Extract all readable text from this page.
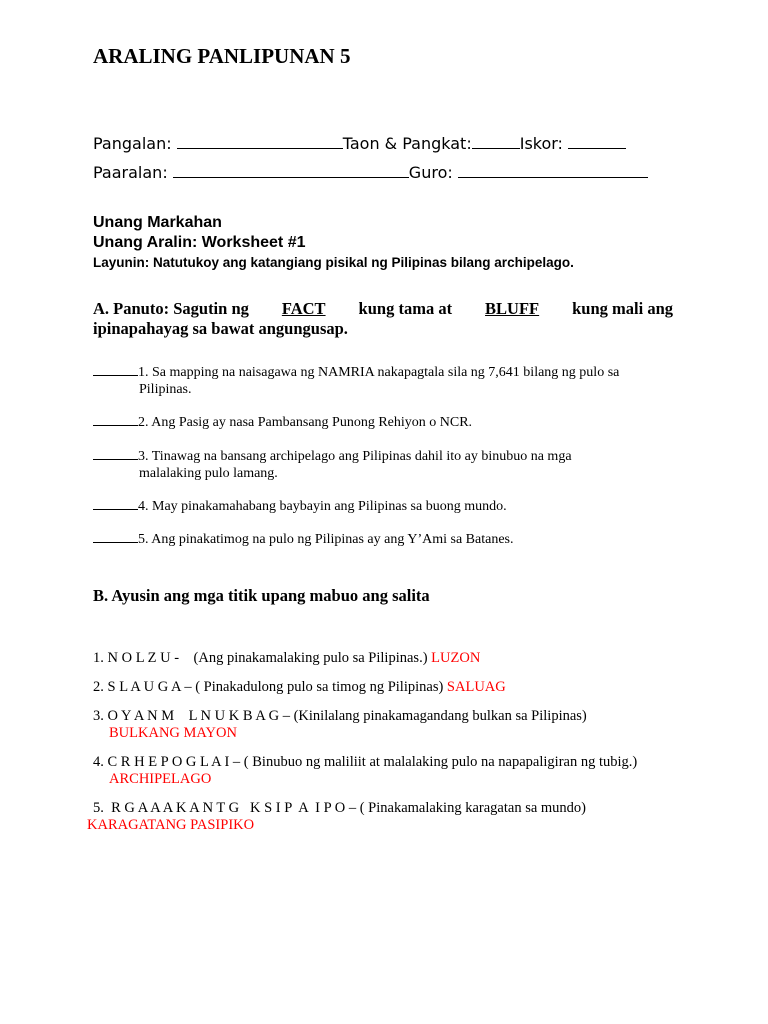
ARALING PANLIPUNAN 5
Pangalan:	Taon & Pangkat:	Iskor:
Paaralan:	Guro:
Unang Markahan
Unang Aralin: Worksheet #1
Layunin: Natutukoy ang katangiang pisikal ng Pilipinas bilang archipelago.
A. Panuto: Sagutin ng FACT kung tama at BLUFF kung mali ang
ipinapahayag sa bawat angungusap.
1. Sa mapping na naisagawa ng NAMRIA nakapagtala sila ng 7,641 bilang ng pulo sa
Pilipinas.
2. Ang Pasig ay nasa Pambansang Punong Rehiyon o NCR.
3. Tinawag na bansang archipelago ang Pilipinas dahil ito ay binubuo na mga
malalaking pulo lamang.
4. May pinakamahabang baybayin ang Pilipinas sa buong mundo.
5. Ang pinakatimog na pulo ng Pilipinas ay ang Y’Ami sa Batanes.
B. Ayusin ang mga titik upang mabuo ang salita
1. N O L Z U -    (Ang pinakamalaking pulo sa Pilipinas.) LUZON
2. S L A U G A – ( Pinakadulong pulo sa timog ng Pilipinas) SALUAG
3. O Y A N M    L N U K B A G – (Kinilalang pinakamagandang bulkan sa Pilipinas)
BULKANG MAYON
4. C R H E P O G L A I – ( Binubuo ng maliliit at malalaking pulo na napapaligiran ng tubig.)
ARCHIPELAGO
5.  R G A A A K A N T G   K S I P  A  I P O – ( Pinakamalaking karagatan sa mundo)
KARAGATANG PASIPIKO
